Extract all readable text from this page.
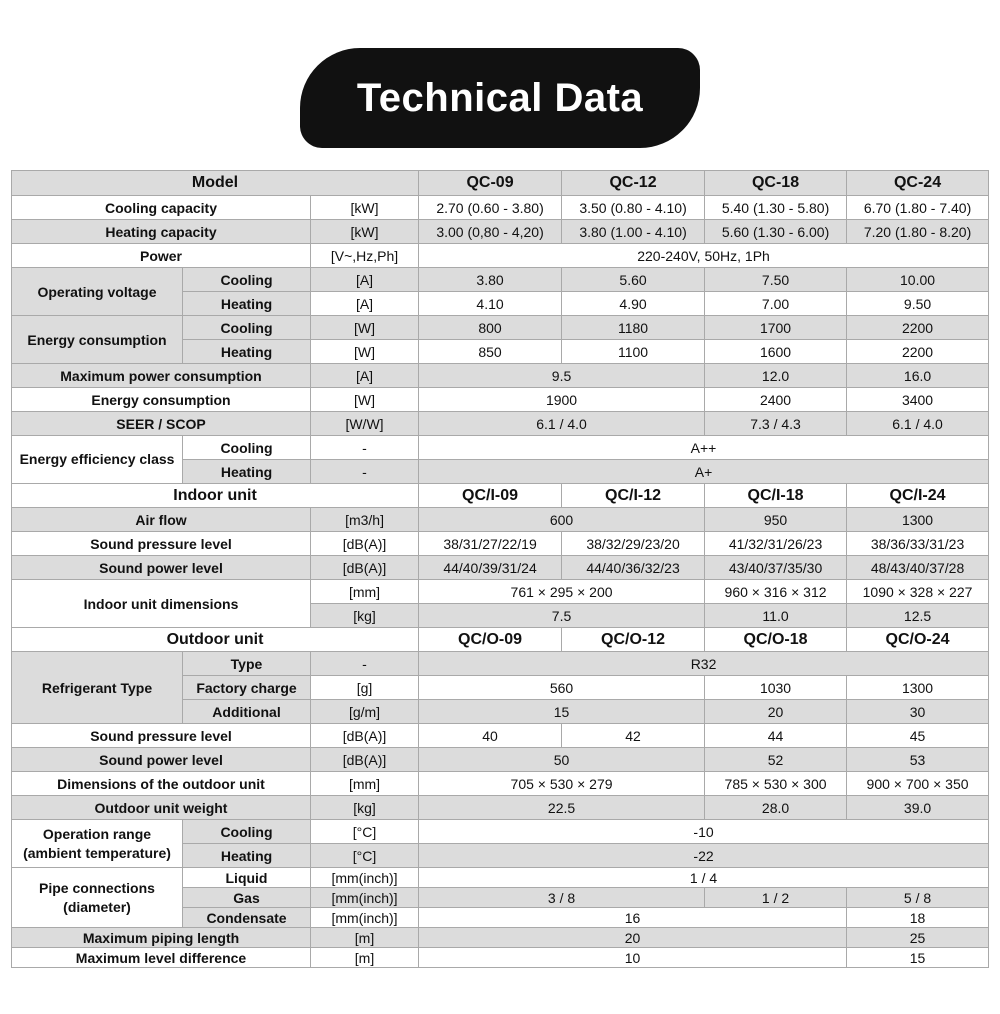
Technical Data
Model			QC-09	QC-12	QC-18	QC-24
Cooling capacity		[kW]	2.70 (0.60 - 3.80)	3.50 (0.80 - 4.10)	5.40 (1.30 - 5.80)	6.70 (1.80 - 7.40)
Heating capacity		[kW]	3.00 (0,80 - 4,20)	3.80 (1.00 - 4.10)	5.60 (1.30 - 6.00)	7.20 (1.80 - 8.20)
Power		[V~,Hz,Ph]	220-240V, 50Hz, 1Ph			
Operating voltage	Cooling	[A]	3.80	5.60	7.50	10.00
	Heating	[A]	4.10	4.90	7.00	9.50
Energy consumption	Cooling	[W]	800	1180	1700	2200
	Heating	[W]	850	1100	1600	2200
Maximum power consumption		[A]	9.5		12.0	16.0
Energy consumption		[W]	1900		2400	3400
SEER / SCOP		[W/W]	6.1 / 4.0		7.3 / 4.3	6.1 / 4.0
Energy efficiency class	Cooling	-	A++			
	Heating	-	A+			
Indoor unit			QC/I-09	QC/I-12	QC/I-18	QC/I-24
Air flow		[m3/h]	600		950	1300
Sound pressure level		[dB(A)]	38/31/27/22/19	38/32/29/23/20	41/32/31/26/23	38/36/33/31/23
Sound power level		[dB(A)]	44/40/39/31/24	44/40/36/32/23	43/40/37/35/30	48/43/40/37/28
Indoor unit dimensions		[mm]	761 × 295 × 200		960 × 316 × 312	1090 × 328 × 227
		[kg]	7.5		11.0	12.5
Outdoor unit			QC/O-09	QC/O-12	QC/O-18	QC/O-24
Refrigerant Type	Type	-	R32			
	Factory charge	[g]	560		1030	1300
	Additional	[g/m]	15		20	30
Sound pressure level		[dB(A)]	40	42	44	45
Sound power level		[dB(A)]	50		52	53
Dimensions of the outdoor unit		[mm]	705 × 530 × 279		785 × 530 × 300	900 × 700 × 350
Outdoor unit weight		[kg]	22.5		28.0	39.0
Operation range (ambient temperature)	Cooling	[°C]	-10			
	Heating	[°C]	-22			
Pipe connections (diameter)	Liquid	[mm(inch)]	1 / 4			
	Gas	[mm(inch)]	3 / 8		1 / 2	5 / 8
	Condensate	[mm(inch)]	16			18
Maximum piping length		[m]	20			25
Maximum level difference		[m]	10			15
